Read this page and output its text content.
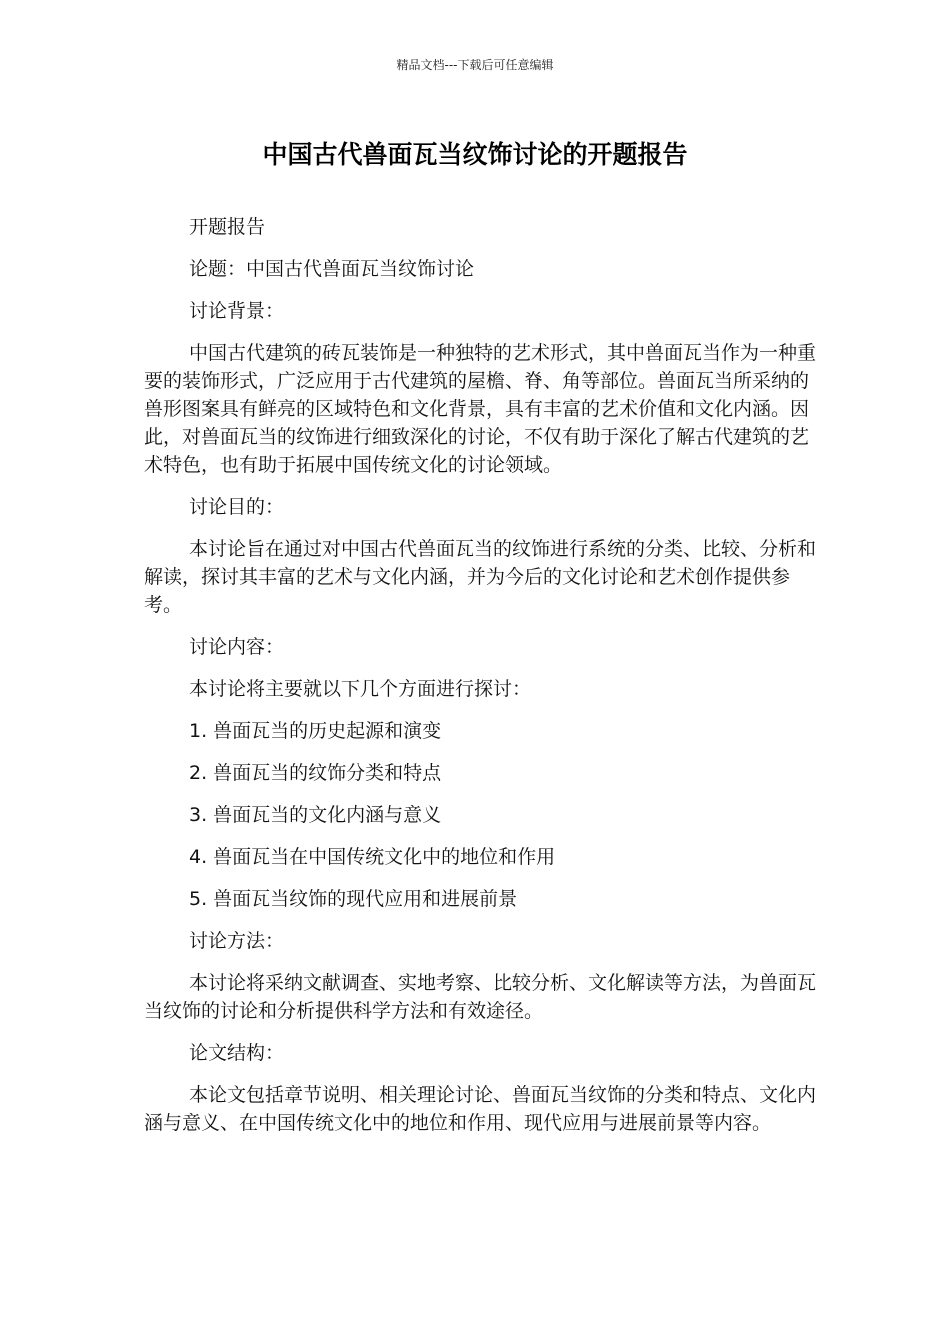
精品文档---下载后可任意编辑
中国古代兽面瓦当纹饰讨论的开题报告

开题报告

论题：中国古代兽面瓦当纹饰讨论

讨论背景：

中国古代建筑的砖瓦装饰是一种独特的艺术形式，其中兽面瓦当作为一种重要的装饰形式，广泛应用于古代建筑的屋檐、脊、角等部位。兽面瓦当所采纳的兽形图案具有鲜亮的区域特色和文化背景，具有丰富的艺术价值和文化内涵。因此，对兽面瓦当的纹饰进行细致深化的讨论，不仅有助于深化了解古代建筑的艺术特色，也有助于拓展中国传统文化的讨论领域。

讨论目的：

本讨论旨在通过对中国古代兽面瓦当的纹饰进行系统的分类、比较、分析和解读，探讨其丰富的艺术与文化内涵，并为今后的文化讨论和艺术创作提供参考。

讨论内容：

本讨论将主要就以下几个方面进行探讨：

1. 兽面瓦当的历史起源和演变
2. 兽面瓦当的纹饰分类和特点
3. 兽面瓦当的文化内涵与意义
4. 兽面瓦当在中国传统文化中的地位和作用
5. 兽面瓦当纹饰的现代应用和进展前景

讨论方法：

本讨论将采纳文献调查、实地考察、比较分析、文化解读等方法，为兽面瓦当纹饰的讨论和分析提供科学方法和有效途径。

论文结构：

本论文包括章节说明、相关理论讨论、兽面瓦当纹饰的分类和特点、文化内涵与意义、在中国传统文化中的地位和作用、现代应用与进展前景等内容。
